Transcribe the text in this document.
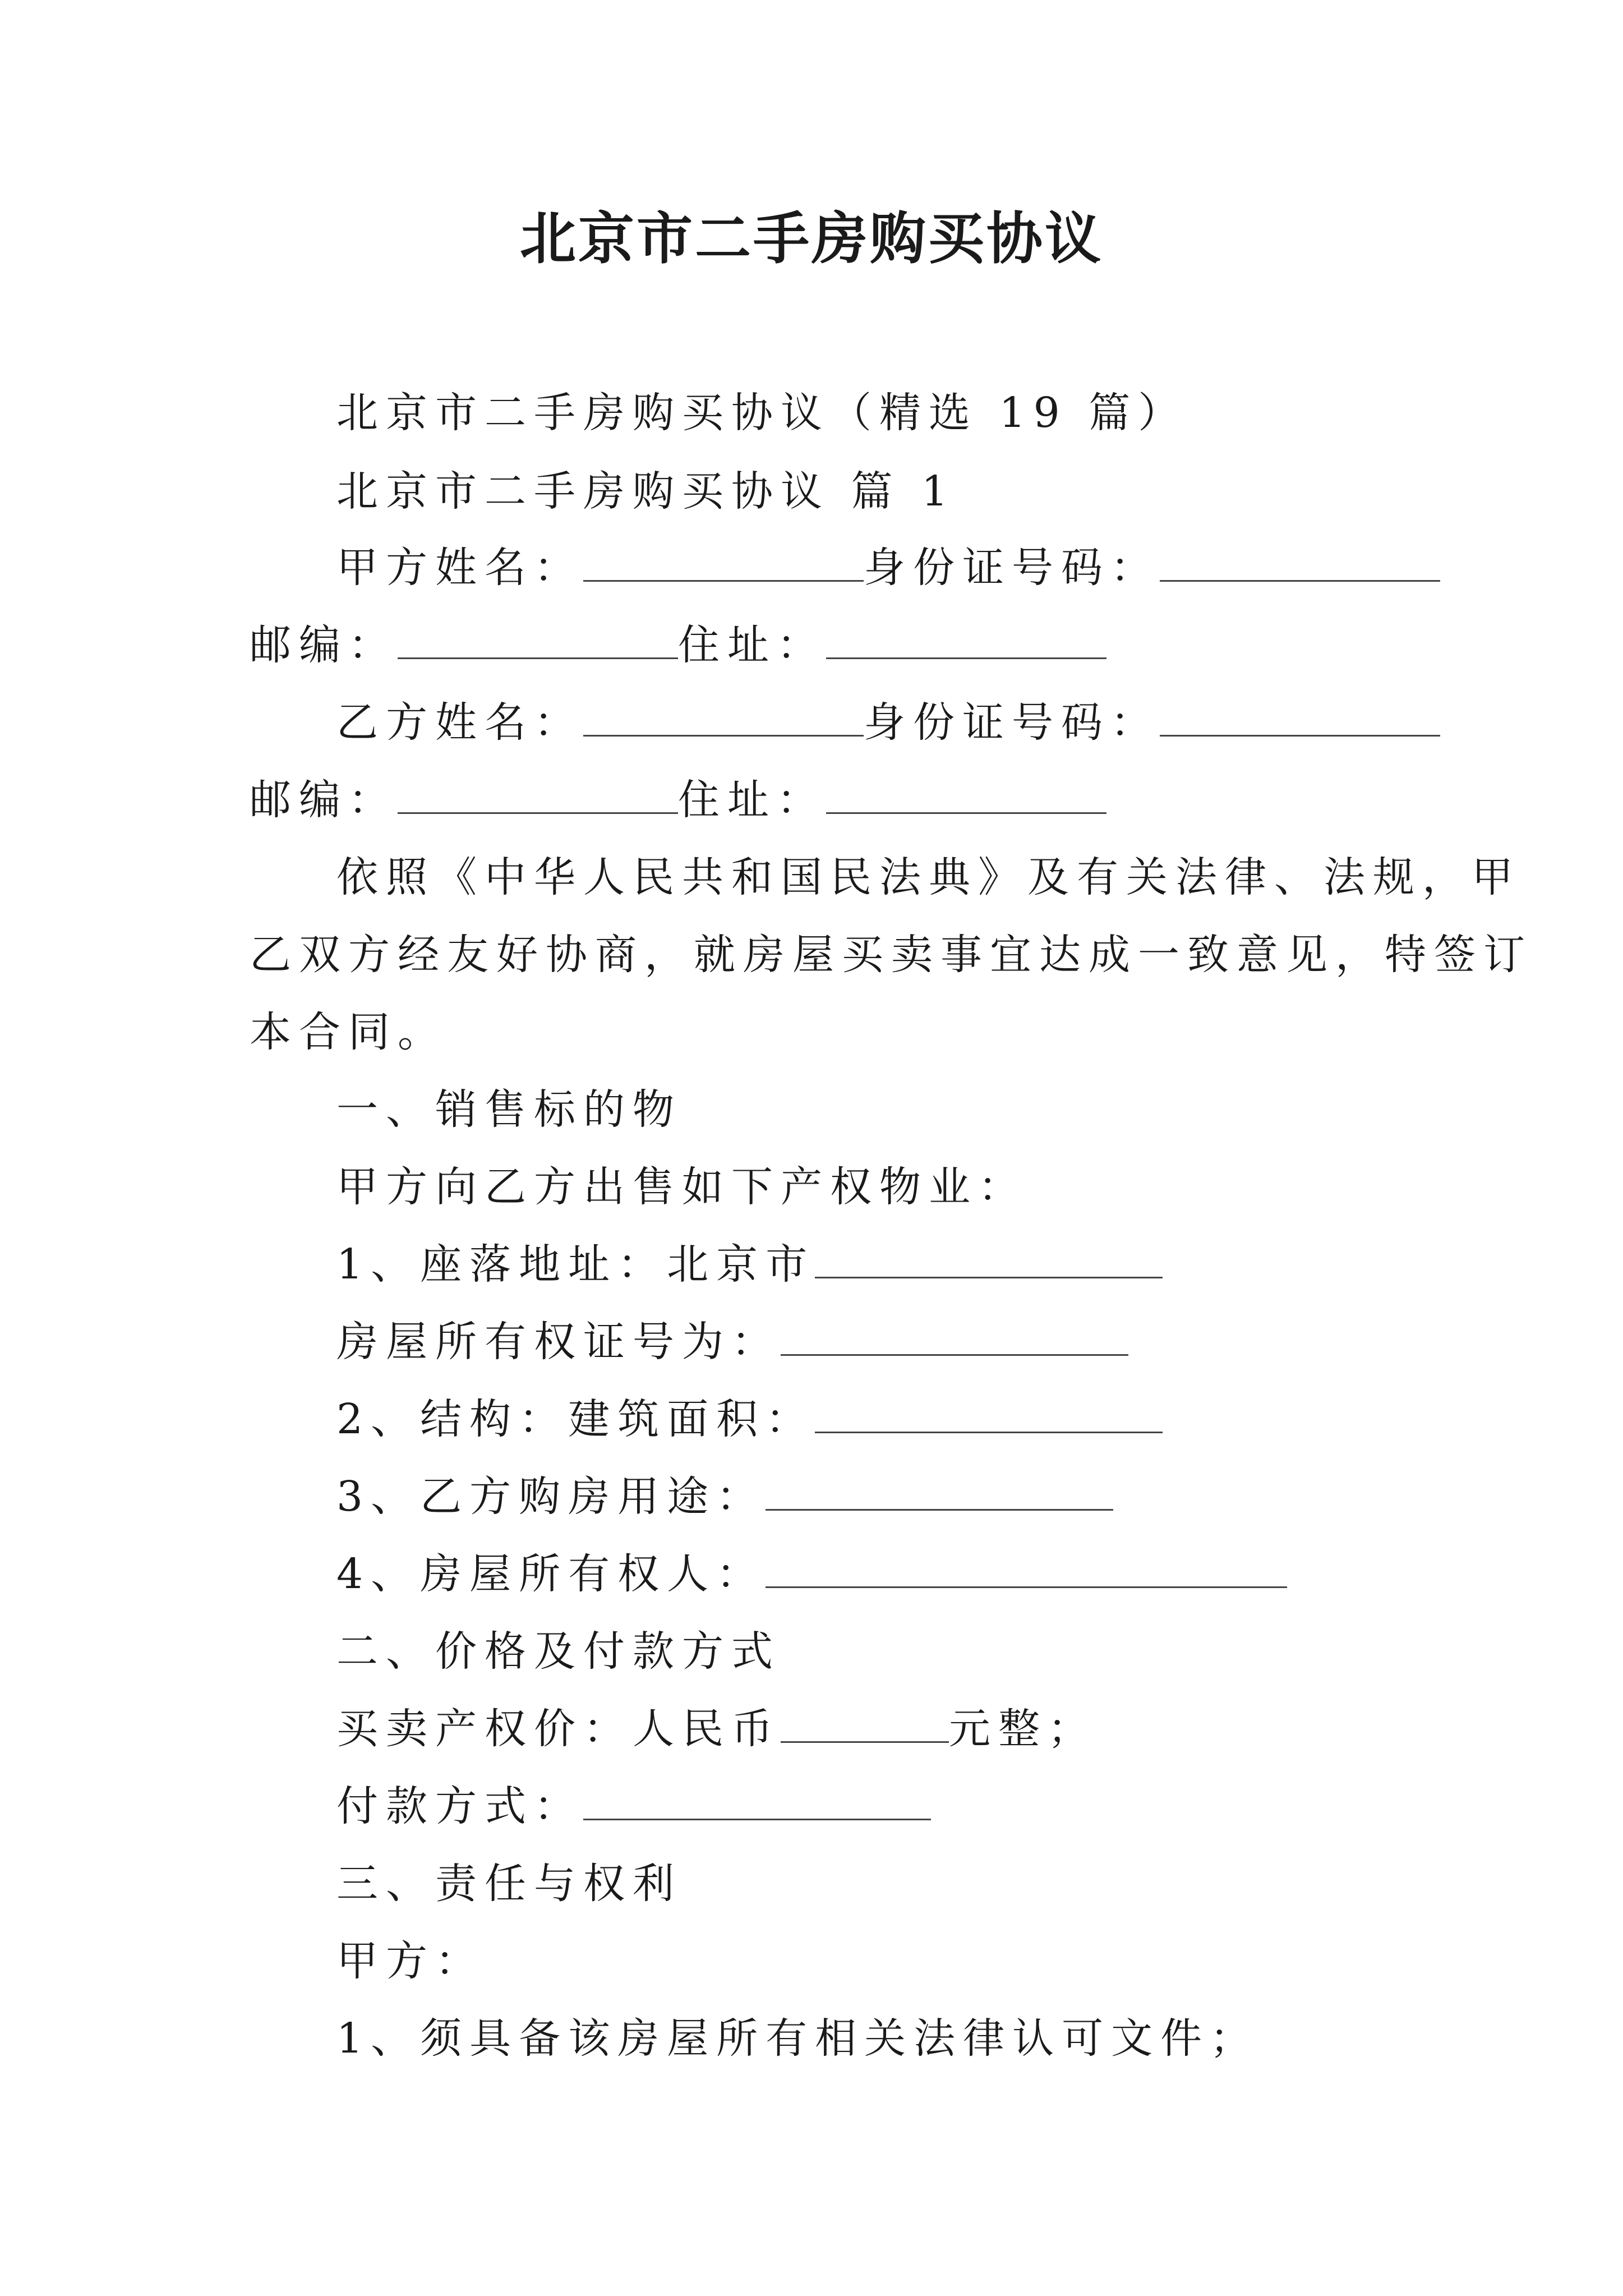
北京市二手房购买协议
北京市二手房购买协议（精选 19 篇）
北京市二手房购买协议 篇 1
甲方姓名：	身份证号码：
邮编：	住址：
乙方姓名：	身份证号码：
邮编：	住址：
依照《中华人民共和国民法典》及有关法律、法规，甲
乙双方经友好协商，就房屋买卖事宜达成一致意见，特签订
本合同。
一、销售标的物
甲方向乙方出售如下产权物业：
1、座落地址：北京市
房屋所有权证号为：
2、结构：建筑面积：
3、乙方购房用途：
4、房屋所有权人：
二、价格及付款方式
买卖产权价：人民币	元整；
付款方式：
三、责任与权利
甲方：
1、须具备该房屋所有相关法律认可文件；
